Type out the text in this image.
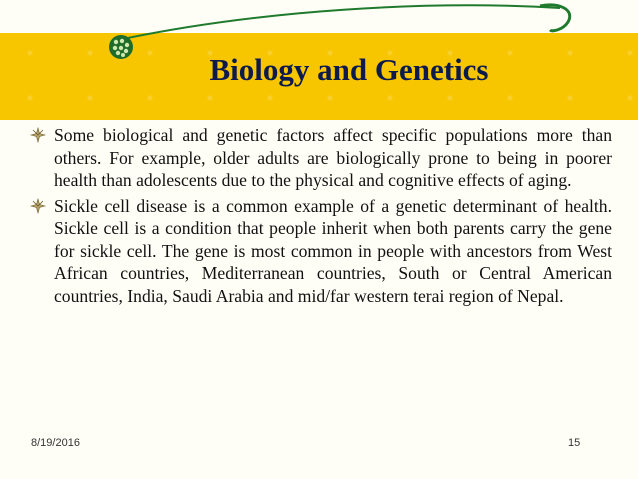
Biology and Genetics

Some biological and genetic factors affect specific populations more than others. For example, older adults are biologically prone to being in poorer health than adolescents due to the physical and cognitive effects of aging.

Sickle cell disease is a common example of a genetic determinant of health. Sickle cell is a condition that people inherit when both parents carry the gene for sickle cell. The gene is most common in people with ancestors from West African countries, Mediterranean countries, South or Central American countries, India, Saudi Arabia and mid/far western terai region of Nepal.

8/19/2016	15
